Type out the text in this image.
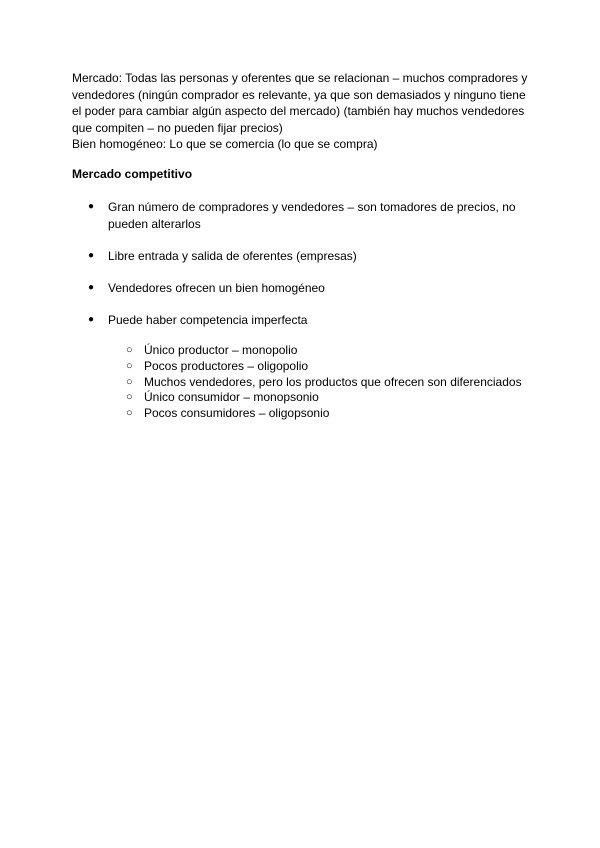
Mercado: Todas las personas y oferentes que se relacionan – muchos compradores y vendedores (ningún comprador es relevante, ya que son demasiados y ninguno tiene el poder para cambiar algún aspecto del mercado) (también hay muchos vendedores que compiten – no pueden fijar precios)

Bien homogéneo: Lo que se comercia (lo que se compra)

Mercado competitivo
● Gran número de compradores y vendedores – son tomadores de precios, no pueden alterarlos
● Libre entrada y salida de oferentes (empresas)
● Vendedores ofrecen un bien homogéneo
● Puede haber competencia imperfecta
○ Único productor – monopolio
○ Pocos productores – oligopolio
○ Muchos vendedores, pero los productos que ofrecen son diferenciados
○ Único consumidor – monopsonio
○ Pocos consumidores – oligopsonio
